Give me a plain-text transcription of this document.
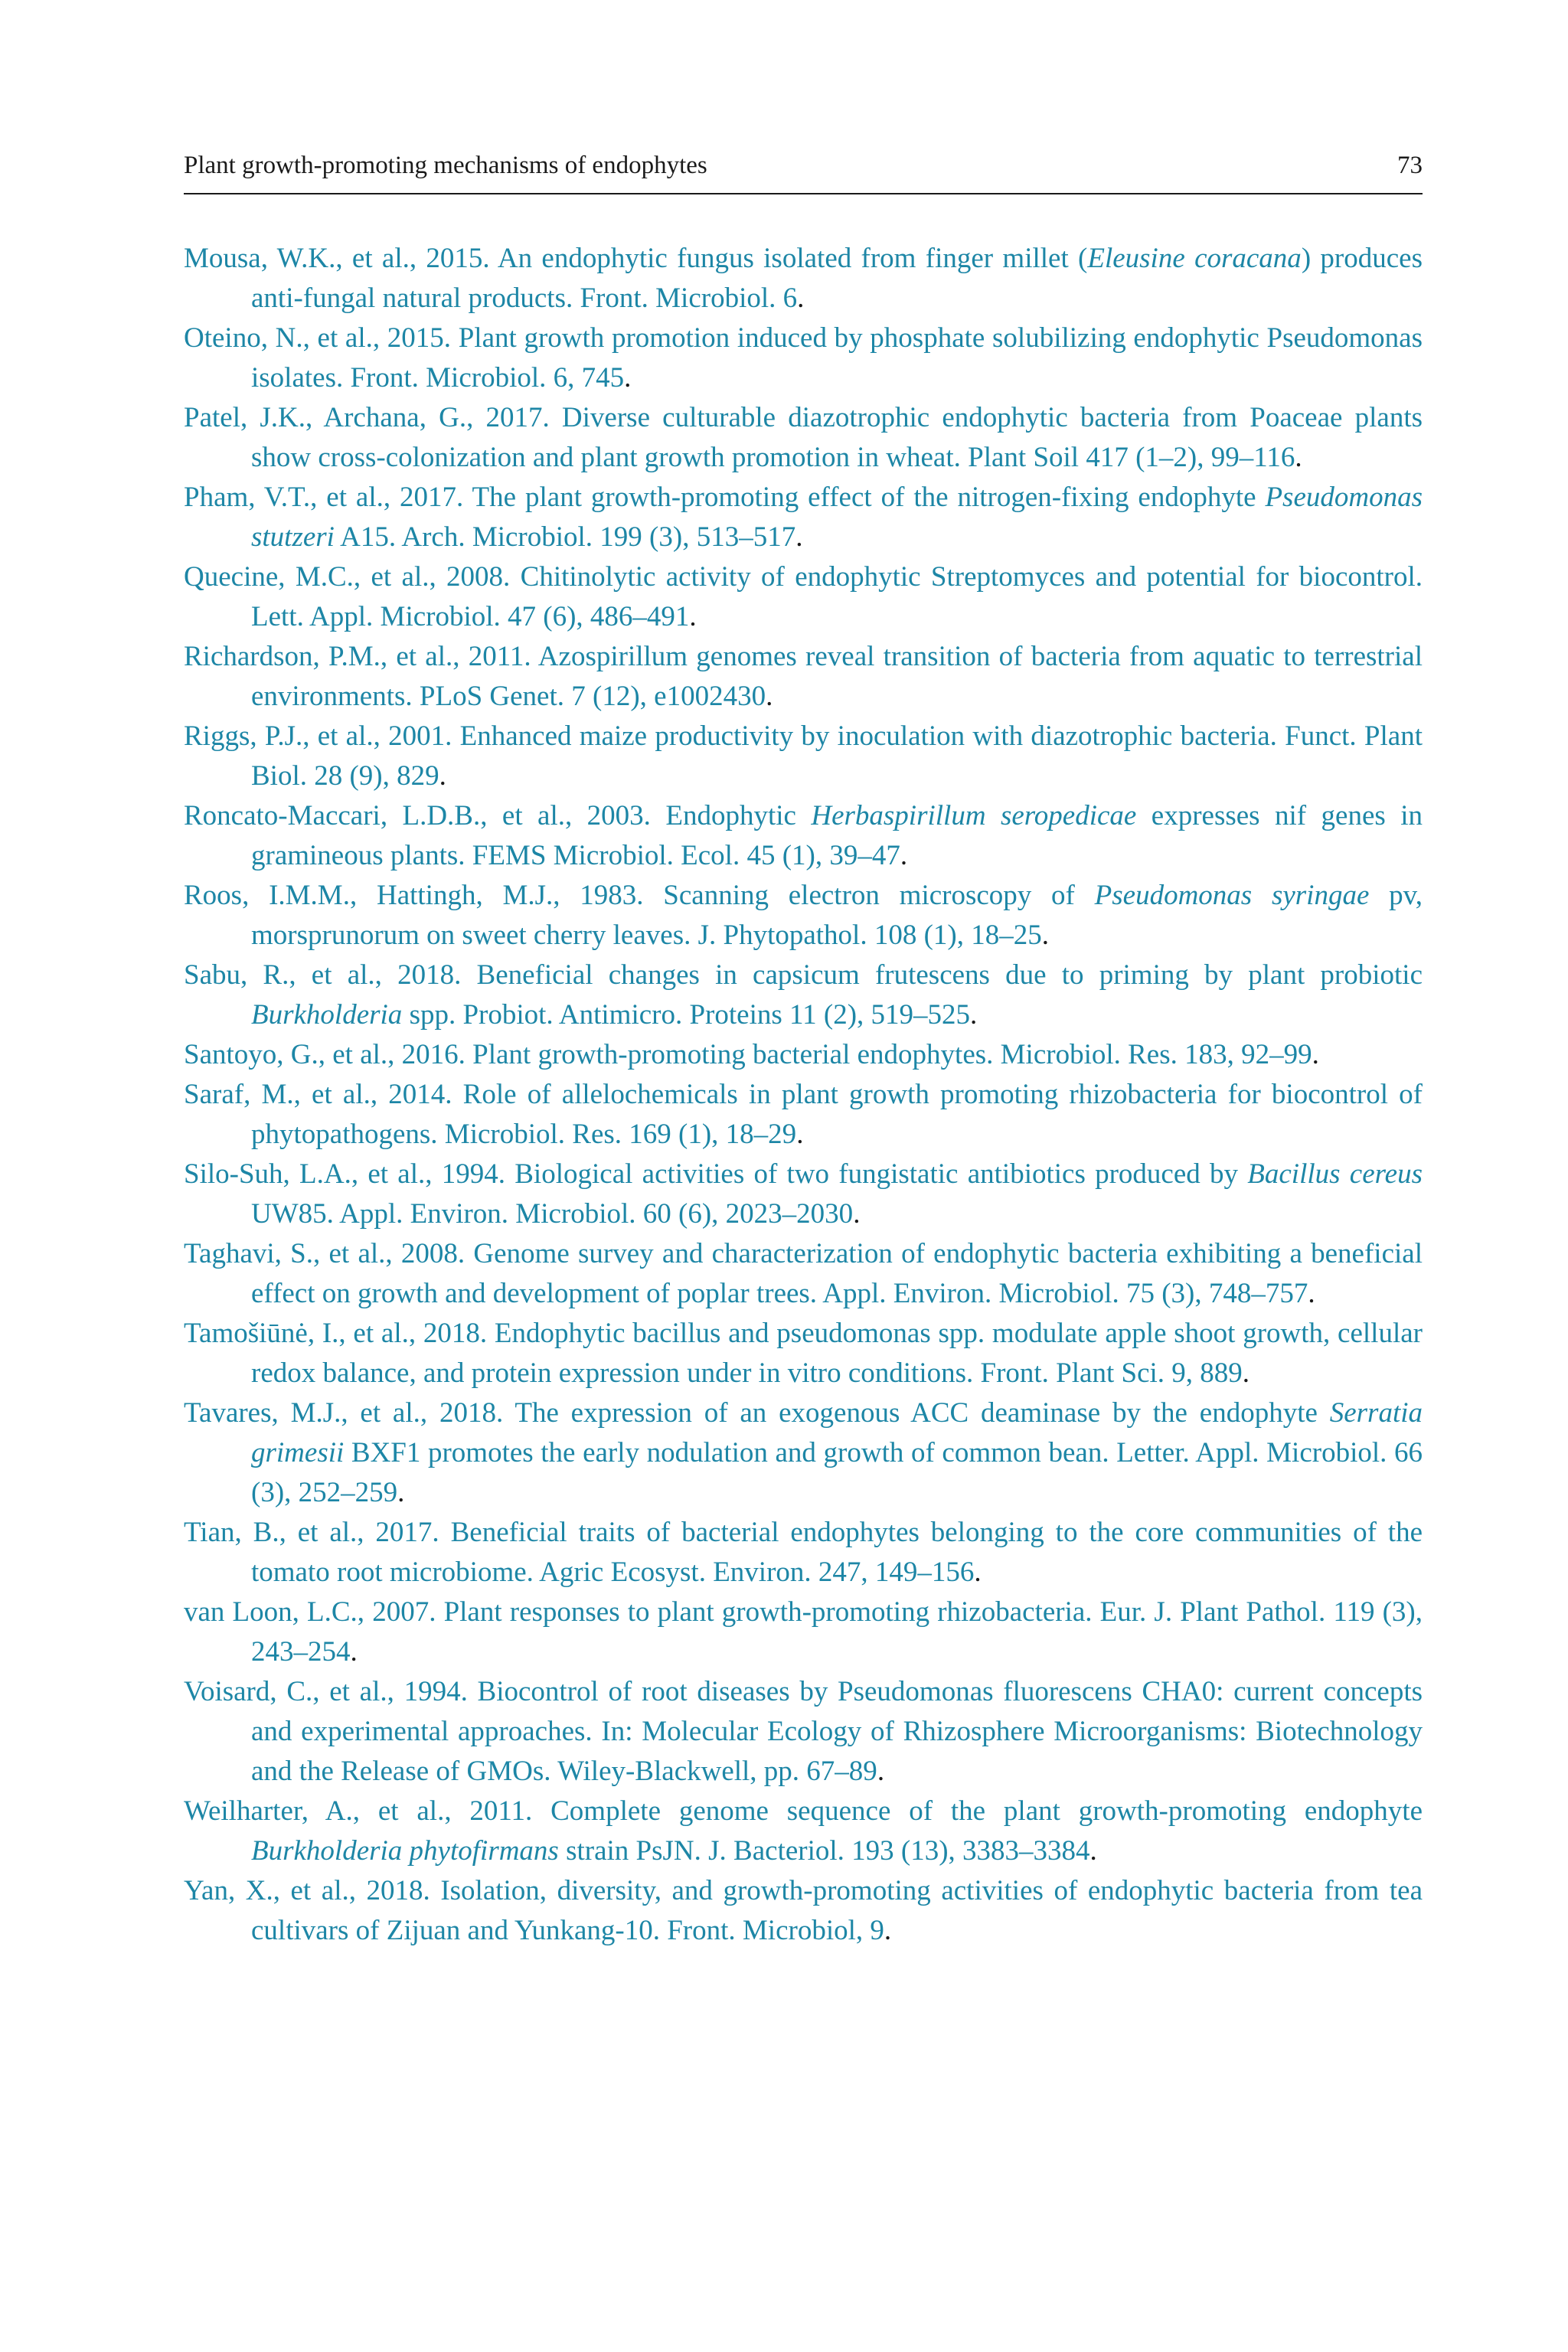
Plant growth-promoting mechanisms of endophytes	73
Mousa, W.K., et al., 2015. An endophytic fungus isolated from finger millet (Eleusine coracana) produces anti-fungal natural products. Front. Microbiol. 6.
Oteino, N., et al., 2015. Plant growth promotion induced by phosphate solubilizing endophytic Pseudomonas isolates. Front. Microbiol. 6, 745.
Patel, J.K., Archana, G., 2017. Diverse culturable diazotrophic endophytic bacteria from Poaceae plants show cross-colonization and plant growth promotion in wheat. Plant Soil 417 (1–2), 99–116.
Pham, V.T., et al., 2017. The plant growth-promoting effect of the nitrogen-fixing endophyte Pseudomonas stutzeri A15. Arch. Microbiol. 199 (3), 513–517.
Quecine, M.C., et al., 2008. Chitinolytic activity of endophytic Streptomyces and potential for biocontrol. Lett. Appl. Microbiol. 47 (6), 486–491.
Richardson, P.M., et al., 2011. Azospirillum genomes reveal transition of bacteria from aquatic to terrestrial environments. PLoS Genet. 7 (12), e1002430.
Riggs, P.J., et al., 2001. Enhanced maize productivity by inoculation with diazotrophic bacteria. Funct. Plant Biol. 28 (9), 829.
Roncato-Maccari, L.D.B., et al., 2003. Endophytic Herbaspirillum seropedicae expresses nif genes in gramineous plants. FEMS Microbiol. Ecol. 45 (1), 39–47.
Roos, I.M.M., Hattingh, M.J., 1983. Scanning electron microscopy of Pseudomonas syringae pv, morsprunorum on sweet cherry leaves. J. Phytopathol. 108 (1), 18–25.
Sabu, R., et al., 2018. Beneficial changes in capsicum frutescens due to priming by plant probiotic Burkholderia spp. Probiot. Antimicro. Proteins 11 (2), 519–525.
Santoyo, G., et al., 2016. Plant growth-promoting bacterial endophytes. Microbiol. Res. 183, 92–99.
Saraf, M., et al., 2014. Role of allelochemicals in plant growth promoting rhizobacteria for biocontrol of phytopathogens. Microbiol. Res. 169 (1), 18–29.
Silo-Suh, L.A., et al., 1994. Biological activities of two fungistatic antibiotics produced by Bacillus cereus UW85. Appl. Environ. Microbiol. 60 (6), 2023–2030.
Taghavi, S., et al., 2008. Genome survey and characterization of endophytic bacteria exhibiting a beneficial effect on growth and development of poplar trees. Appl. Environ. Microbiol. 75 (3), 748–757.
Tamošiūnė, I., et al., 2018. Endophytic bacillus and pseudomonas spp. modulate apple shoot growth, cellular redox balance, and protein expression under in vitro conditions. Front. Plant Sci. 9, 889.
Tavares, M.J., et al., 2018. The expression of an exogenous ACC deaminase by the endophyte Serratia grimesii BXF1 promotes the early nodulation and growth of common bean. Letter. Appl. Microbiol. 66 (3), 252–259.
Tian, B., et al., 2017. Beneficial traits of bacterial endophytes belonging to the core communities of the tomato root microbiome. Agric Ecosyst. Environ. 247, 149–156.
van Loon, L.C., 2007. Plant responses to plant growth-promoting rhizobacteria. Eur. J. Plant Pathol. 119 (3), 243–254.
Voisard, C., et al., 1994. Biocontrol of root diseases by Pseudomonas fluorescens CHA0: current concepts and experimental approaches. In: Molecular Ecology of Rhizosphere Microorganisms: Biotechnology and the Release of GMOs. Wiley-Blackwell, pp. 67–89.
Weilharter, A., et al., 2011. Complete genome sequence of the plant growth-promoting endophyte Burkholderia phytofirmans strain PsJN. J. Bacteriol. 193 (13), 3383–3384.
Yan, X., et al., 2018. Isolation, diversity, and growth-promoting activities of endophytic bacteria from tea cultivars of Zijuan and Yunkang-10. Front. Microbiol, 9.
